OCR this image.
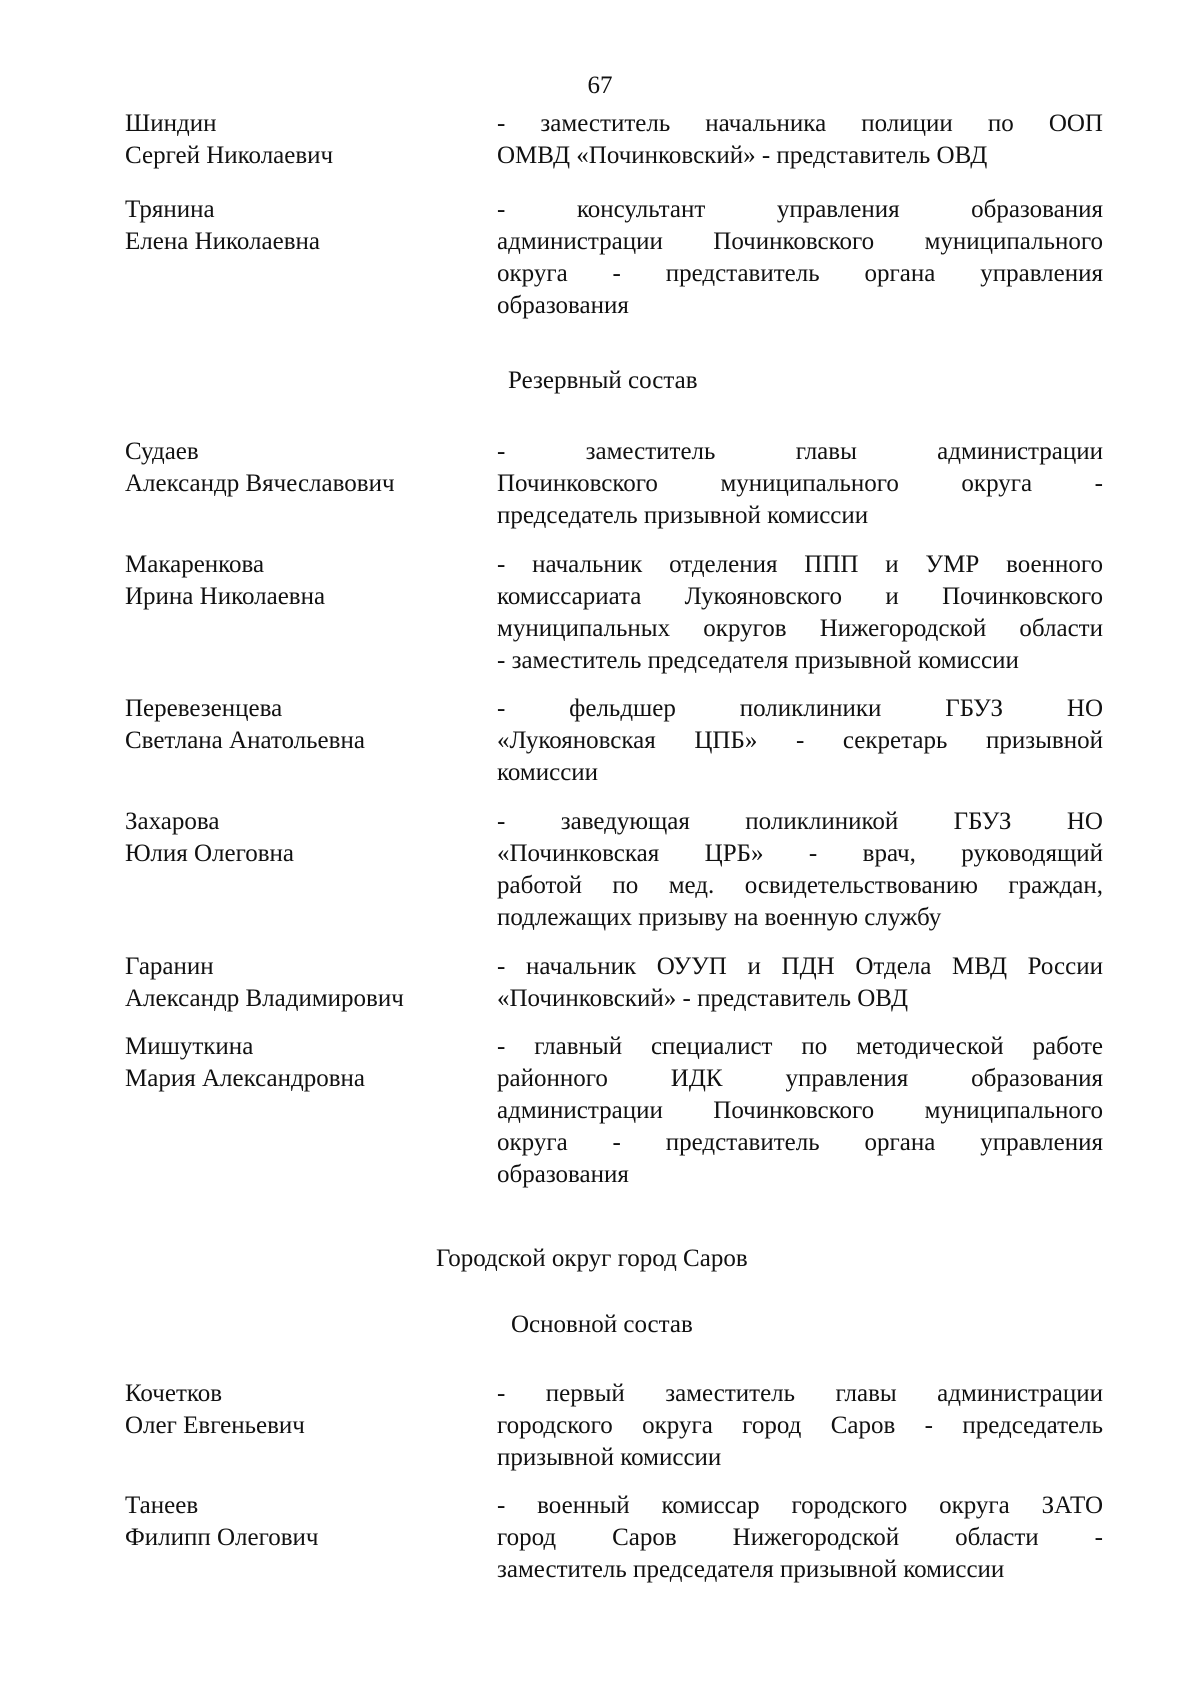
67
Шиндин
Сергей Николаевич
- заместитель начальника полиции по ООП
ОМВД «Починковский» - представитель ОВД
Трянина
Елена Николаевна
- консультант управления образования
администрации Починковского муниципального
округа - представитель органа управления
образования
Резервный состав
Судаев
Александр Вячеславович
- заместитель главы администрации
Починковского муниципального округа -
председатель призывной комиссии
Макаренкова
Ирина Николаевна
- начальник отделения ППП и УМР военного
комиссариата Лукояновского и Починковского
муниципальных округов Нижегородской области
- заместитель председателя призывной комиссии
Перевезенцева
Светлана Анатольевна
- фельдшер поликлиники ГБУЗ НО
«Лукояновская ЦПБ» - секретарь призывной
комиссии
Захарова
Юлия Олеговна
- заведующая поликлиникой ГБУЗ НО
«Починковская ЦРБ» - врач, руководящий
работой по мед. освидетельствованию граждан,
подлежащих призыву на военную службу
Гаранин
Александр Владимирович
- начальник ОУУП и ПДН Отдела МВД России
«Починковский» - представитель ОВД
Мишуткина
Мария Александровна
- главный специалист по методической работе
районного ИДК управления образования
администрации Починковского муниципального
округа - представитель органа управления
образования
Городской округ город Саров
Основной состав
Кочетков
Олег Евгеньевич
- первый заместитель главы администрации
городского округа город Саров - председатель
призывной комиссии
Танеев
Филипп Олегович
- военный комиссар городского округа ЗАТО
город Саров Нижегородской области -
заместитель председателя призывной комиссии
